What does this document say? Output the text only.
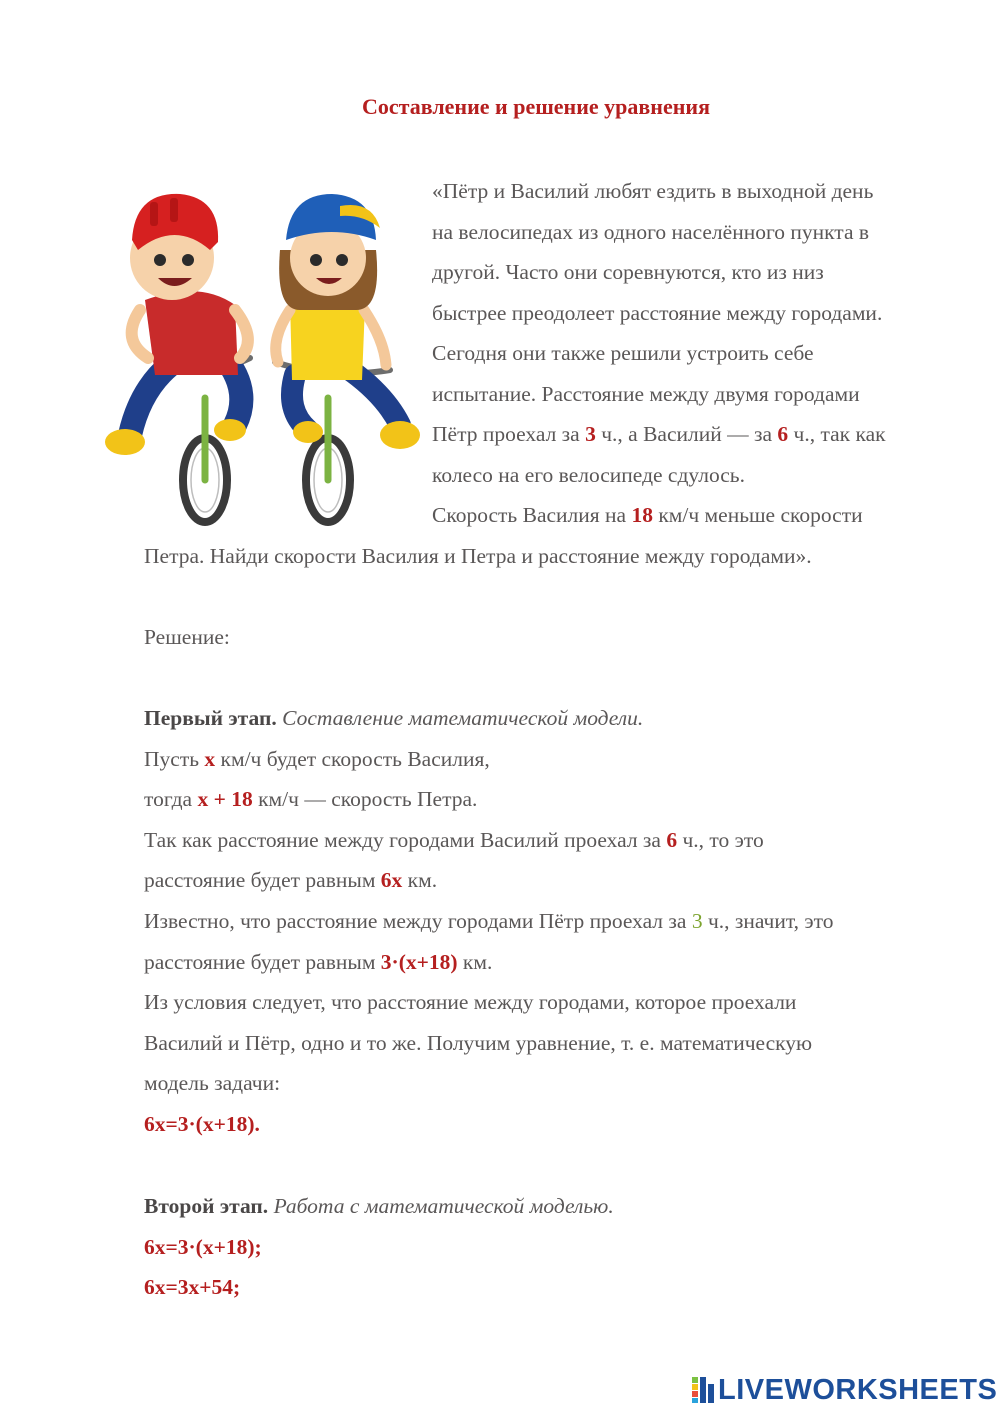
Составление и решение уравнения
«Пётр и Василий любят ездить в выходной день
на велосипедах из одного населённого пункта в
другой. Часто они соревнуются, кто из низ
быстрее преодолеет расстояние между городами.
Сегодня они также решили устроить себе
испытание. Расстояние между двумя городами
Пётр проехал за 3 ч., а Василий — за 6 ч., так как
колесо на его велосипеде сдулось.
Скорость Василия на 18 км/ч меньше скорости
Петра. Найди скорости Василия и Петра и расстояние между городами».
Решение:
Первый этап. Составление математической модели.
Пусть x км/ч будет скорость Василия,
тогда x + 18 км/ч — скорость Петра.
Так как расстояние между городами Василий проехал за 6 ч., то это
расстояние будет равным 6x км.
Известно, что расстояние между городами Пётр проехал за 3 ч., значит, это
расстояние будет равным 3·(x+18) км.
Из условия следует, что расстояние между городами, которое проехали
Василий и Пётр, одно и то же. Получим уравнение, т. е. математическую
модель задачи:
6x=3·(x+18).
Второй этап. Работа с математической моделью.
6x=3·(x+18);
6x=3x+54;
LIVEWORKSHEETS
